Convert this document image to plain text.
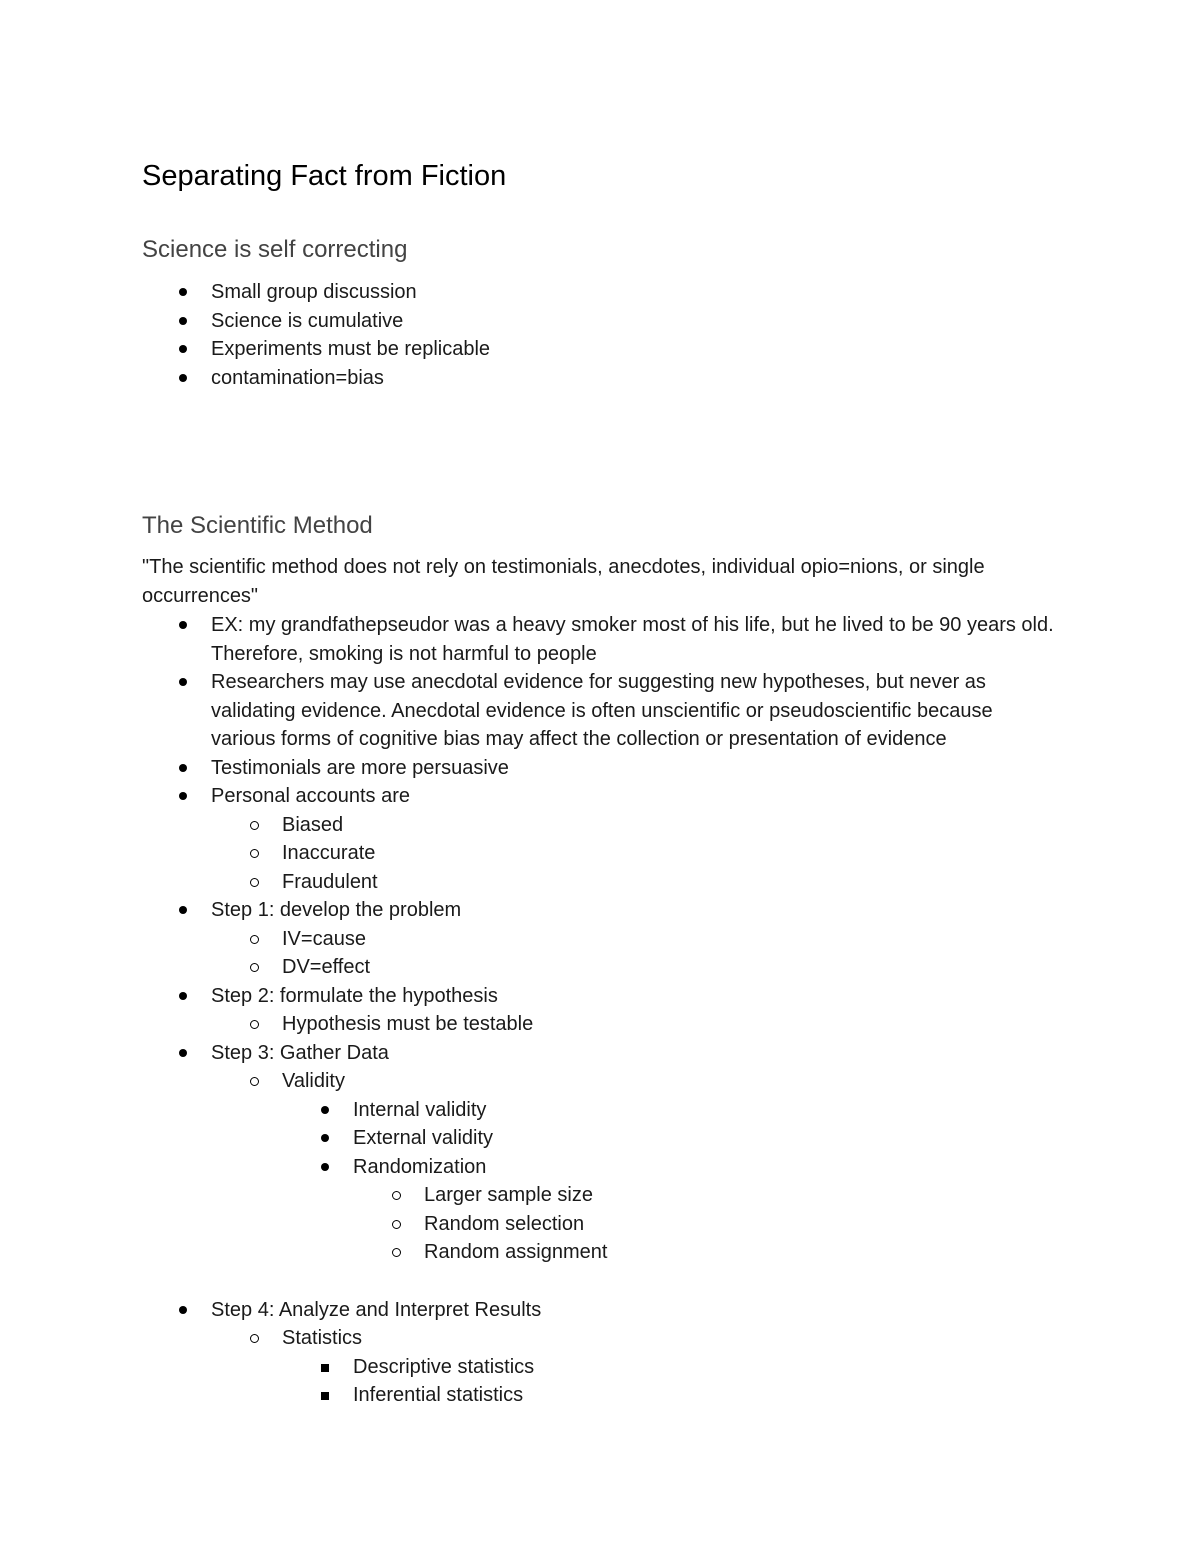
Separating Fact from Fiction
Science is self correcting
Small group discussion
Science is cumulative
Experiments must be replicable
contamination=bias
The Scientific Method

"The scientific method does not rely on testimonials, anecdotes, individual opio=nions, or single occurrences"

EX: my grandfathepseudor was a heavy smoker most of his life, but he lived to be 90 years old. Therefore, smoking is not harmful to people
Researchers may use anecdotal evidence for suggesting new hypotheses, but never as validating evidence. Anecdotal evidence is often unscientific or pseudoscientific because various forms of cognitive bias may affect the collection or presentation of evidence
Testimonials are more persuasive
Personal accounts are
Biased
Inaccurate
Fraudulent
Step 1: develop the problem
IV=cause
DV=effect
Step 2: formulate the hypothesis
Hypothesis must be testable
Step 3: Gather Data
Validity
Internal validity
External validity
Randomization
Larger sample size
Random selection
Random assignment
Step 4: Analyze and Interpret Results
Statistics
Descriptive statistics
Inferential statistics
